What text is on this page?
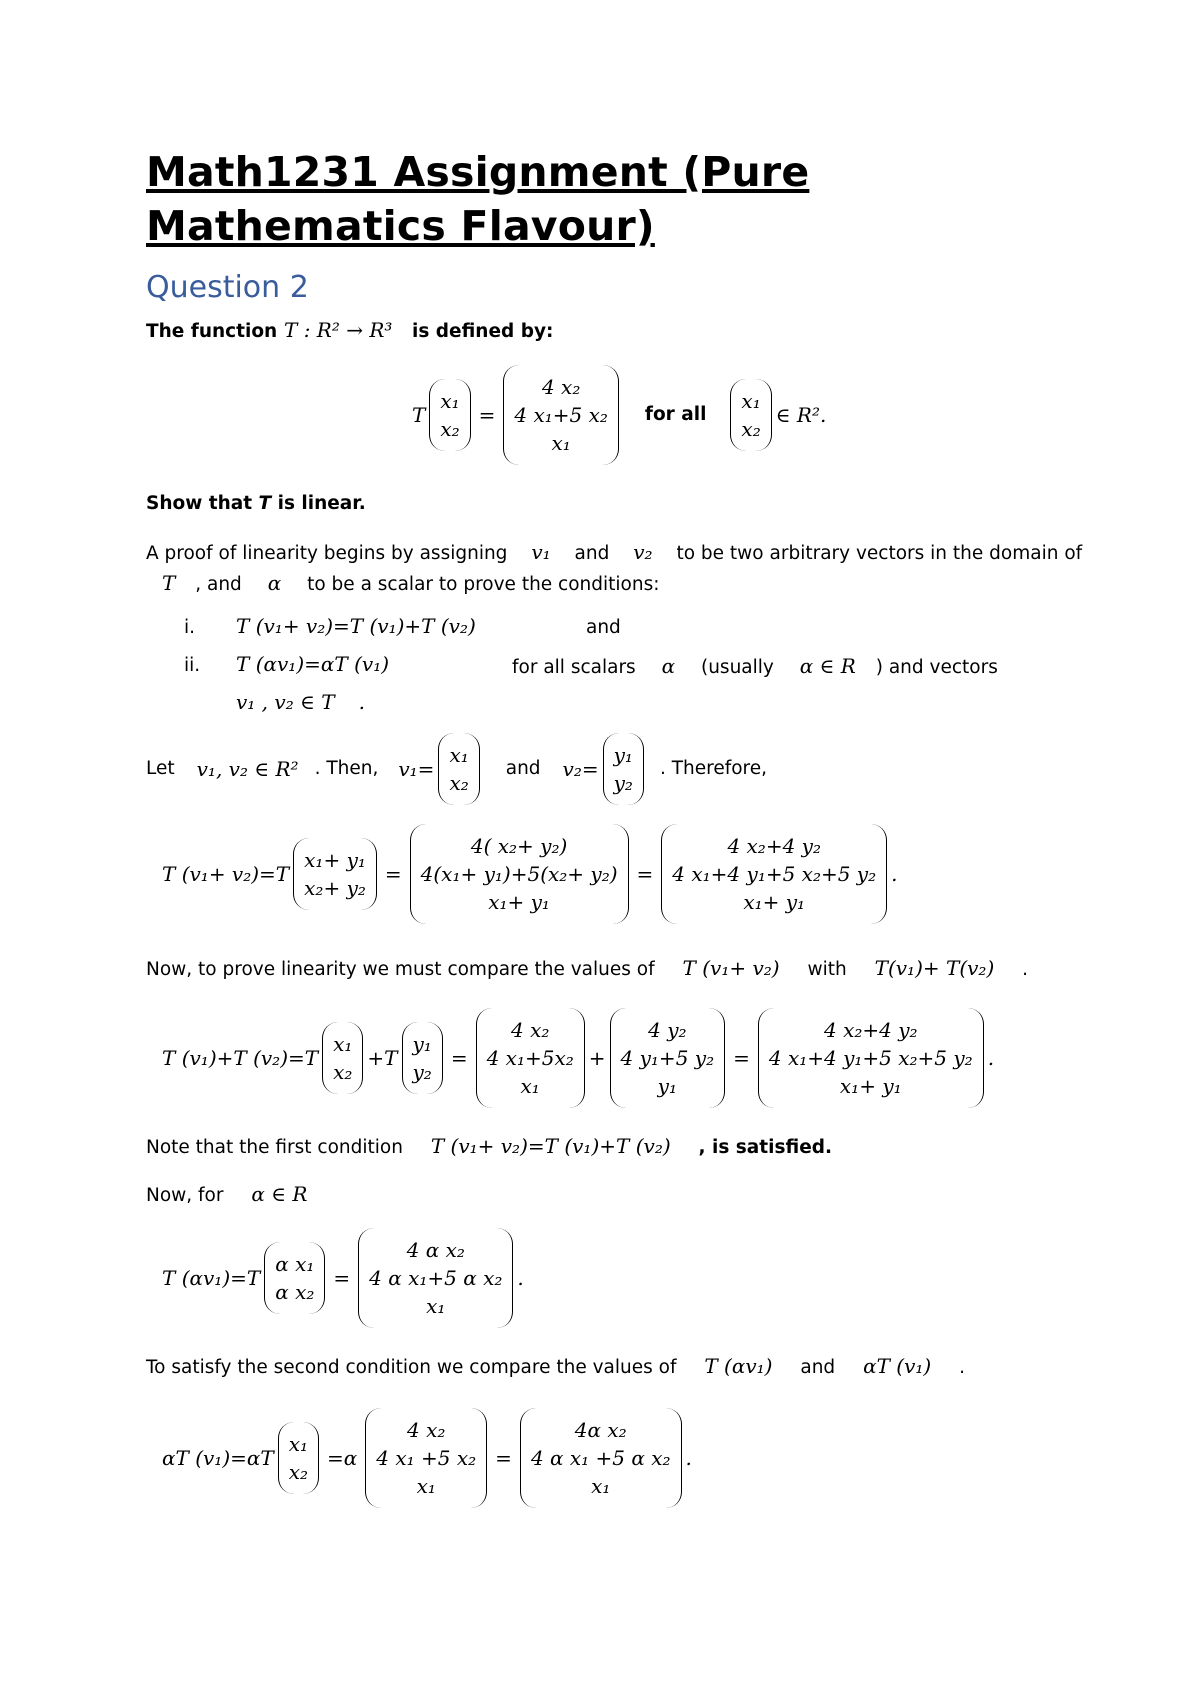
Math1231 Assignment (Pure
Mathematics Flavour)
Question 2
The function T : R² → R³ is defined by:
T
x₁
x₂
=
4 x₂
4 x₁+5 x₂
x₁
for all
x₁
x₂
∈ R².
Show that T is linear.
A proof of linearity begins by assigning v₁ and v₂ to be two arbitrary vectors in the domain of
T , and α to be a scalar to prove the conditions:
i. T (v₁+ v₂)=T (v₁)+T (v₂)	and
ii. T (αv₁)=αT (v₁)	for all scalars α (usually α ∈ R ) and vectors
v₁ , v₂ ∈ T .
Let v₁, v₂ ∈ R² . Then, v₁=
x₁
x₂
and v₂=
y₁
y₂
. Therefore,
T (v₁+ v₂)=T
x₁+ y₁
x₂+ y₂
=
4( x₂+ y₂)
4(x₁+ y₁)+5(x₂+ y₂)
x₁+ y₁
=
4 x₂+4 y₂
4 x₁+4 y₁+5 x₂+5 y₂
x₁+ y₁
.
Now, to prove linearity we must compare the values of T (v₁+ v₂) with T(v₁)+ T(v₂) .
T (v₁)+T (v₂)=T
x₁
x₂
+T
y₁
y₂
=
4 x₂
4 x₁+5x₂
x₁
+
4 y₂
4 y₁+5 y₂
y₁
=
4 x₂+4 y₂
4 x₁+4 y₁+5 x₂+5 y₂
x₁+ y₁
.
Note that the first condition T (v₁+ v₂)=T (v₁)+T (v₂) , is satisfied.
Now, for α ∈ R
T (αv₁)=T
α x₁
α x₂
=
4 α x₂
4 α x₁+5 α x₂
x₁
.
To satisfy the second condition we compare the values of T (αv₁) and αT (v₁) .
αT (v₁)=αT
x₁
x₂
=α
4 x₂
4 x₁ +5 x₂
x₁
=
4α x₂
4 α x₁ +5 α x₂
x₁
.
